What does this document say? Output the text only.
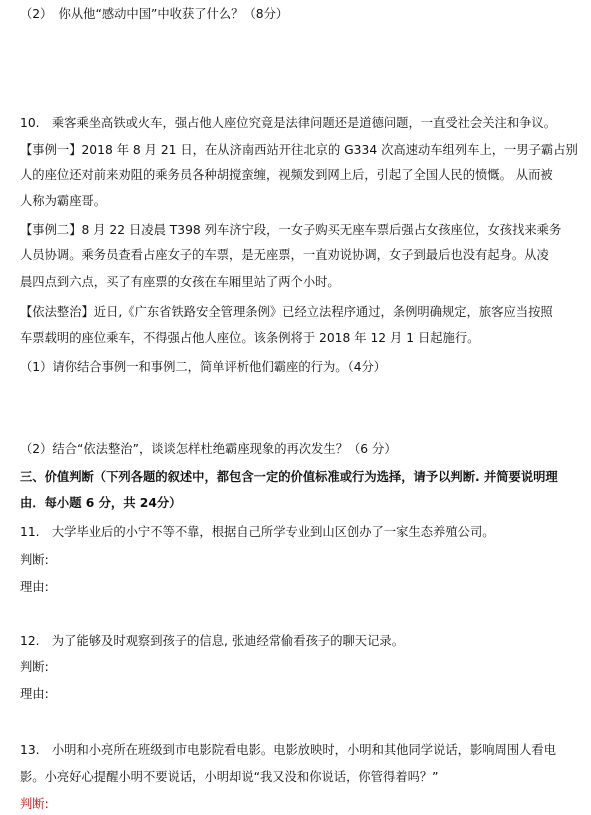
（2）　你从他“感动中国”中收获了什么？（8分）
10.　乘客乘坐高铁或火车，强占他人座位究竟是法律问题还是道德问题，一直受社会关注和争议。
【事例一】2018 年 8 月 21 日，在从济南西站开往北京的 G334 次高速动车组列车上，一男子霸占别
人的座位还对前来劝阻的乘务员各种胡搅蛮缠，视频发到网上后，引起了全国人民的愤慨。 从而被
人称为霸座哥。
【事例二】8 月 22 日凌晨 T398 列车济宁段，一女子购买无座车票后强占女孩座位，女孩找来乘务
人员协调。乘务员查看占座女子的车票，是无座票，一直劝说协调，女子到最后也没有起身。从凌
晨四点到六点，买了有座票的女孩在车厢里站了两个小时。
【依法整治】近日,《广东省铁路安全管理条例》已经立法程序通过，条例明确规定，旅客应当按照
车票载明的座位乘车，不得强占他人座位。该条例将于 2018 年 12 月 1 日起施行。
（1）请你结合事例一和事例二，简单评析他们霸座的行为。（4分）
（2）结合“依法整治”，谈谈怎样杜绝霸座现象的再次发生？（6 分）
三、价值判断（下列各题的叙述中，都包含一定的价值标准或行为选择，请予以判断. 并简要说明理
由．每小题 6 分，共 24分）
11.　大学毕业后的小宁不等不靠，根据自己所学专业到山区创办了一家生态养殖公司。
判断:
理由:
12.　为了能够及时观察到孩子的信息, 张迪经常偷看孩子的聊天记录。
判断:
理由:
13.　小明和小亮所在班级到市电影院看电影。电影放映时，小明和其他同学说话，影响周围人看电
影。小亮好心提醒小明不要说话，小明却说“我又没和你说话，你管得着吗？”
判断:
